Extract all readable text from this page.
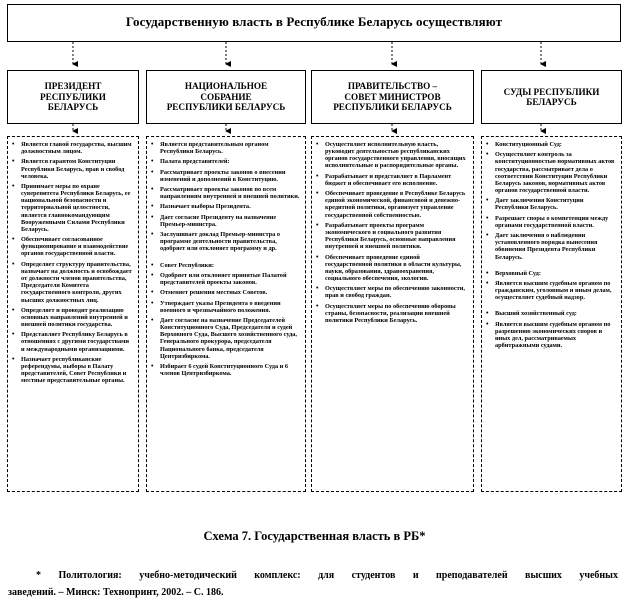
Государственную власть в Республике Беларусь осуществляют
ПРЕЗИДЕНТ
РЕСПУБЛИКИ
БЕЛАРУСЬ
НАЦИОНАЛЬНОЕ
СОБРАНИЕ
РЕСПУБЛИКИ БЕЛАРУСЬ
ПРАВИТЕЛЬСТВО –
СОВЕТ МИНИСТРОВ
РЕСПУБЛИКИ БЕЛАРУСЬ
СУДЫ РЕСПУБЛИКИ
БЕЛАРУСЬ
• Является главой государства, высшим должностным лицом.
• Является гарантом Конституции Республики Беларусь, прав и свобод человека.
• Принимает меры по охране суверенитета Республики Беларусь, ее национальной безопасности и территориальной целостности, является главнокомандующим Вооруженными Силами Республики Беларусь.
• Обеспечивает согласованное функционирование и взаимодействие органов государственной власти.
• Определяет структуру правительства, назначает на должность и освобождает от должности членов правительства, Председателя Комитета государственного контроля, других высших должностных лиц.
• Определяет и проводит реализацию основных направлений внутренней и внешней политики государства.
• Представляет Республику Беларусь в отношениях с другими государствами и международными организациями.
• Назначает республиканские референдумы, выборы в Палату представителей, Совет Республики и местные представительные органы.
• Является представительным органом Республики Беларусь.
• Палата представителей:
• Рассматривает проекты законов о внесении изменений и дополнений в Конституцию.
• Рассматривает проекты законов по всем направлениям внутренней и внешней политики.
• Назначает выборы Президента.
• Дает согласие Президенту на назначение Премьер-министра.
• Заслушивает доклад Премьер-министра о программе деятельности правительства, одобряет или отклоняет программу и др.
• Совет Республики:
• Одобряет или отклоняет принятые Палатой представителей проекты законов.
• Отменяет решения местных Советов.
• Утверждает указы Президента о введении военного и чрезвычайного положения.
• Дает согласие на назначение Председателей Конституционного Суда, Председателя и судей Верховного Суда, Высшего хозяйственного суда, Генерального прокурора, председателя Национального банка, председателя Центризбиркома.
• Избирает 6 судей Конституционного Суда и 6 членов Центризбиркома.
• Осуществляет исполнительную власть, руководит деятельностью республиканских органов государственного управления, вносящих исполнительные и распорядительные органы.
• Разрабатывает и представляет в Парламент бюджет и обеспечивает его исполнение.
• Обеспечивает проведение в Республике Беларусь единой экономической, финансовой и денежно-кредитной политики, организует управление государственной собственностью.
• Разрабатывает проекты программ экономического и социального развития Республики Беларусь, основные направления внутренней и внешней политики.
• Обеспечивает проведение единой государственной политики в области культуры, науки, образования, здравоохранения, социального обеспечения, экологии.
• Осуществляет меры по обеспечению законности, прав и свобод граждан.
• Осуществляет меры по обеспечению обороны страны, безопасности, реализации внешней политики Республики Беларусь.
• Конституционный Суд:
• Осуществляет контроль за конституционностью нормативных актов государства, рассматривает дела о соответствии Конституции Республики Беларусь законов, нормативных актов органов государственной власти.
• Дает заключения Конституции Республики Беларусь.
• Разрешает споры о компетенции между органами государственной власти.
• Дает заключения о наблюдении установленного порядка вынесения обвинения Президента Республики Беларусь.
• Верховный Суд:
• Является высшим судебным органом по гражданским, уголовным и иным делам, осуществляет судебный надзор.
• Высший хозяйственный суд:
• Является высшим судебным органом по разрешению экономических споров и иных дел, рассматриваемых арбитражными судами.
Схема 7. Государственная власть в РБ*
* Политология: учебно-методический комплекс: для студентов и преподавателей высших учебных
заведений. – Минск: Технопринт, 2002. – С. 186.
